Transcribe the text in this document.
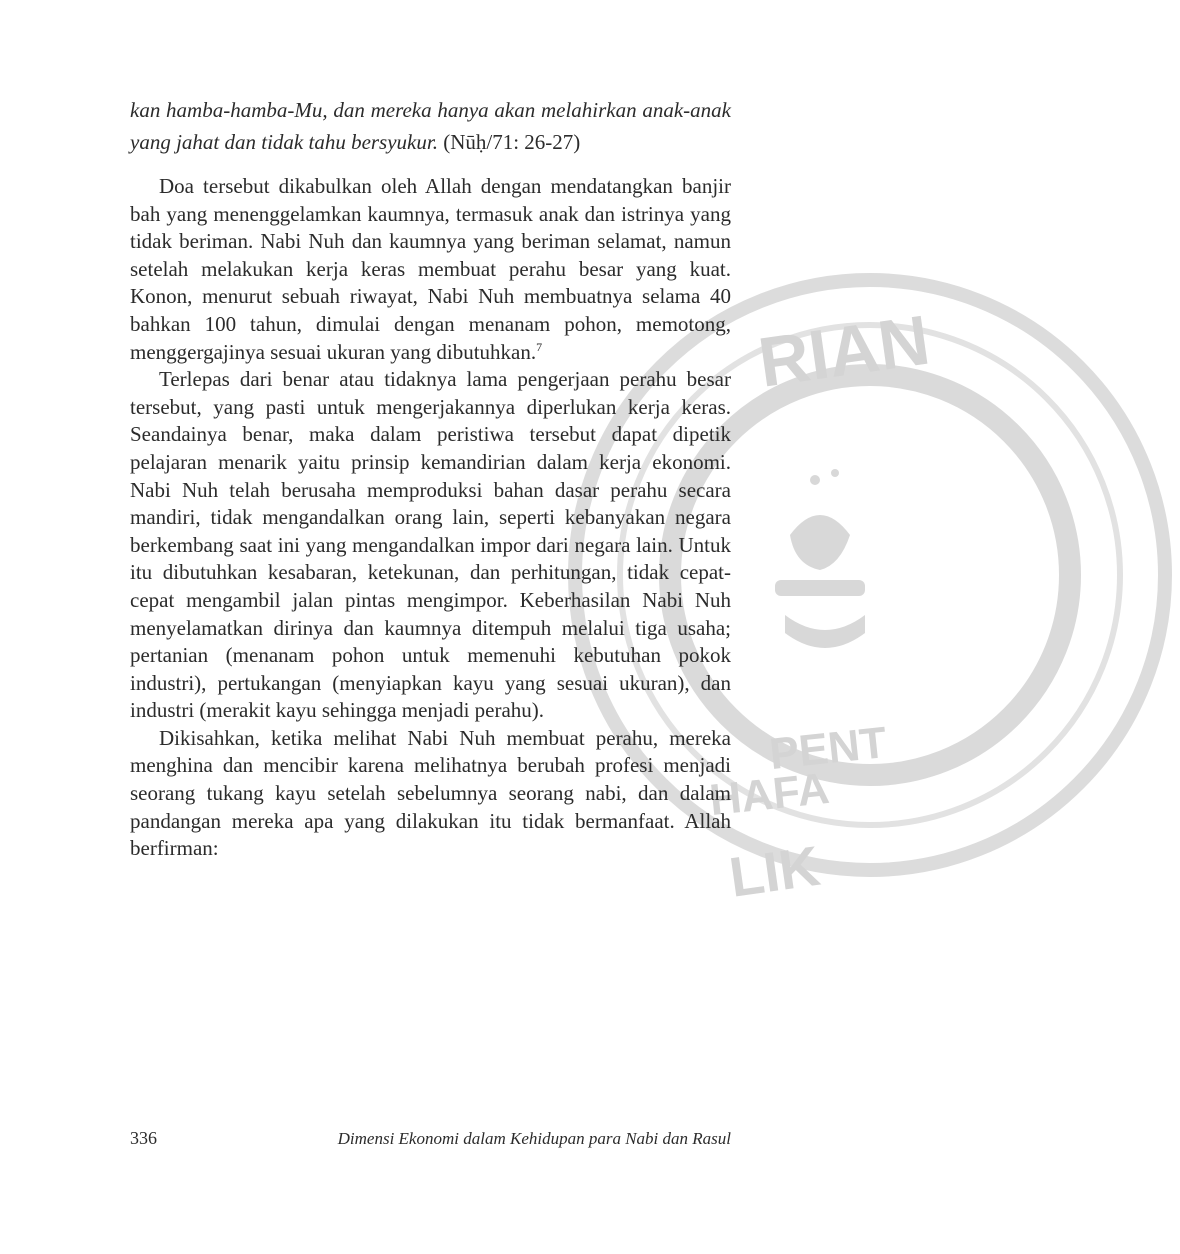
RIAN
PENT
HAFA
LIK

kan hamba-hamba-Mu, dan mereka hanya akan melahirkan anak-anak yang jahat dan tidak tahu bersyukur. (Nūḥ/71: 26-27)

Doa tersebut dikabulkan oleh Allah dengan mendatangkan banjir bah yang menenggelamkan kaumnya, termasuk anak dan istrinya yang tidak beriman. Nabi Nuh dan kaumnya yang beriman selamat, namun setelah melakukan kerja keras membuat perahu besar yang kuat. Konon, menurut sebuah riwayat, Nabi Nuh membuatnya selama 40 bahkan 100 tahun, dimulai dengan menanam pohon, memotong, menggergajinya sesuai ukuran yang dibutuhkan.$^7$

Terlepas dari benar atau tidaknya lama pengerjaan perahu besar tersebut, yang pasti untuk mengerjakannya diperlukan kerja keras. Seandainya benar, maka dalam peristiwa tersebut dapat dipetik pelajaran menarik yaitu prinsip kemandirian dalam kerja ekonomi. Nabi Nuh telah berusaha memproduksi bahan dasar perahu secara mandiri, tidak mengandalkan orang lain, seperti kebanyakan negara berkembang saat ini yang mengandalkan impor dari negara lain. Untuk itu dibutuhkan kesabaran, ketekunan, dan perhitungan, tidak cepat-cepat mengambil jalan pintas mengimpor. Keberhasilan Nabi Nuh menyelamatkan dirinya dan kaumnya ditempuh melalui tiga usaha; pertanian (menanam pohon untuk memenuhi kebutuhan pokok industri), pertukangan (menyiapkan kayu yang sesuai ukuran), dan industri (merakit kayu sehingga menjadi perahu).

Dikisahkan, ketika melihat Nabi Nuh membuat perahu, mereka menghina dan mencibir karena melihatnya berubah profesi menjadi seorang tukang kayu setelah sebelumnya seorang nabi, dan dalam pandangan mereka apa yang dilakukan itu tidak bermanfaat. Allah berfirman:

336	Dimensi Ekonomi dalam Kehidupan para Nabi dan Rasul
